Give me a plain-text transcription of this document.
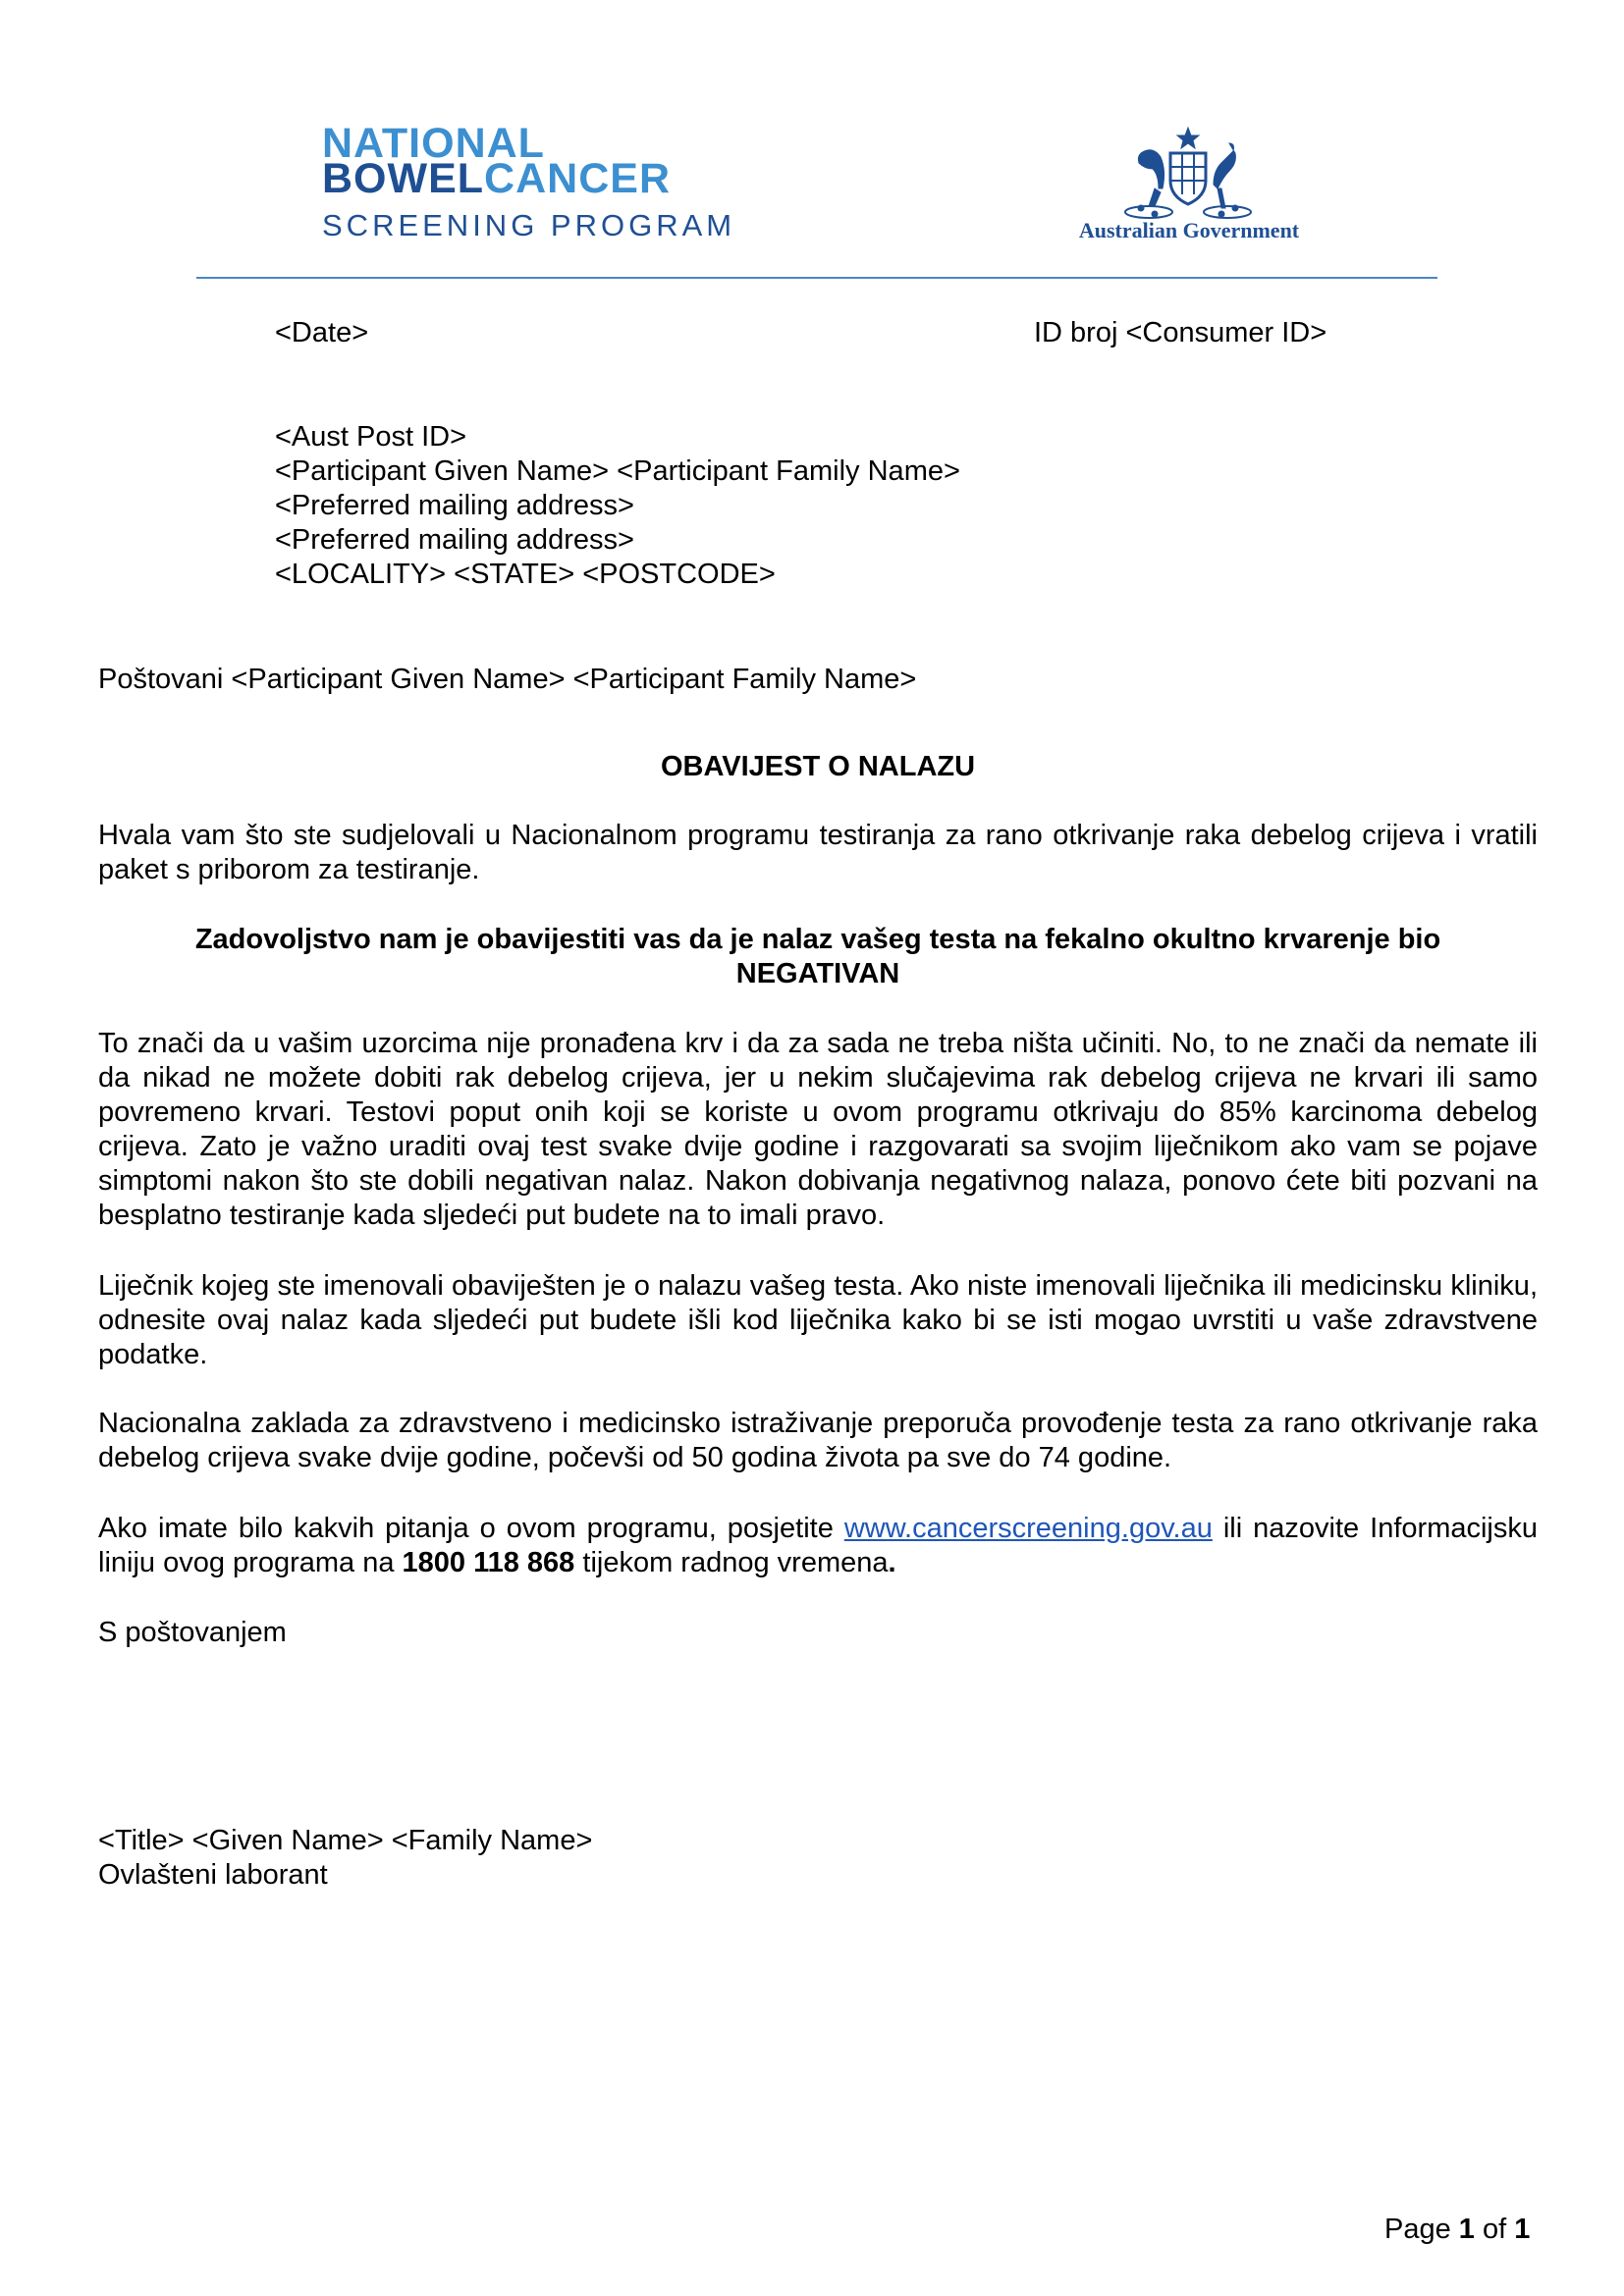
NATIONAL
BOWELCANCER
SCREENING PROGRAM	Australian Government
<Date>	ID broj <Consumer ID>
<Aust Post ID>
<Participant Given Name> <Participant Family Name>
<Preferred mailing address>
<Preferred mailing address>
<LOCALITY> <STATE> <POSTCODE>
Poštovani <Participant Given Name> <Participant Family Name>
OBAVIJEST O NALAZU
Hvala vam što ste sudjelovali u Nacionalnom programu testiranja za rano otkrivanje raka debelog crijeva i vratili paket s priborom za testiranje.
Zadovoljstvo nam je obavijestiti vas da je nalaz vašeg testa na fekalno okultno krvarenje bio
NEGATIVAN
To znači da u vašim uzorcima nije pronađena krv i da za sada ne treba ništa učiniti. No, to ne znači da nemate ili da nikad ne možete dobiti rak debelog crijeva, jer u nekim slučajevima rak debelog crijeva ne krvari ili samo povremeno krvari. Testovi poput onih koji se koriste u ovom programu otkrivaju do 85% karcinoma debelog crijeva. Zato je važno uraditi ovaj test svake dvije godine i razgovarati sa svojim liječnikom ako vam se pojave simptomi nakon što ste dobili negativan nalaz. Nakon dobivanja negativnog nalaza, ponovo ćete biti pozvani na besplatno testiranje kada sljedeći put budete na to imali pravo.
Liječnik kojeg ste imenovali obaviješten je o nalazu vašeg testa. Ako niste imenovali liječnika ili medicinsku kliniku, odnesite ovaj nalaz kada sljedeći put budete išli kod liječnika kako bi se isti mogao uvrstiti u vaše zdravstvene podatke.
Nacionalna zaklada za zdravstveno i medicinsko istraživanje preporuča provođenje testa za rano otkrivanje raka debelog crijeva svake dvije godine, počevši od 50 godina života pa sve do 74 godine.
Ako imate bilo kakvih pitanja o ovom programu, posjetite www.cancerscreening.gov.au ili nazovite Informacijsku liniju ovog programa na 1800 118 868 tijekom radnog vremena.
S poštovanjem
<Title> <Given Name> <Family Name>
Ovlašteni laborant
Page 1 of 1
